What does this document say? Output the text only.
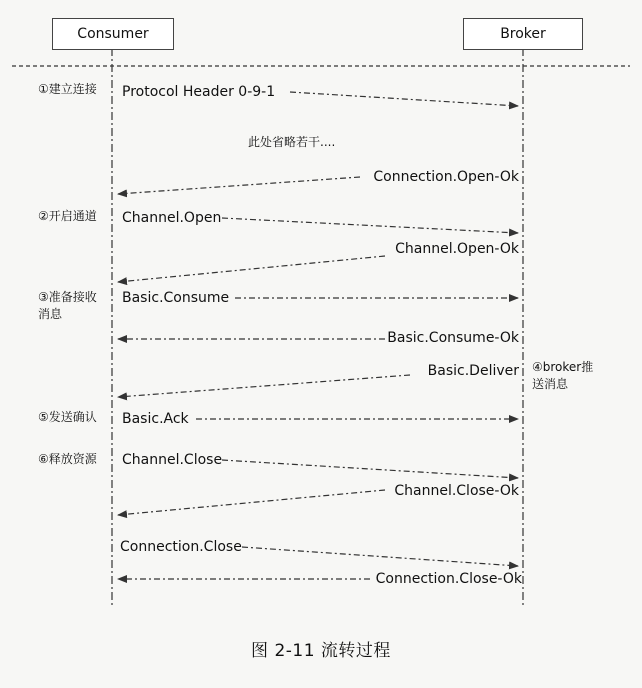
Consumer	Broker
①建立连接
②开启通道
③准备接收
消息
⑤发送确认
⑥释放资源
④broker推
送消息
此处省略若干....
Protocol Header 0-9-1
Connection.Open-Ok
Channel.Open
Channel.Open-Ok
Basic.Consume
Basic.Consume-Ok
Basic.Deliver
Basic.Ack
Channel.Close
Channel.Close-Ok
Connection.Close
Connection.Close-Ok
图 2-11 流转过程
